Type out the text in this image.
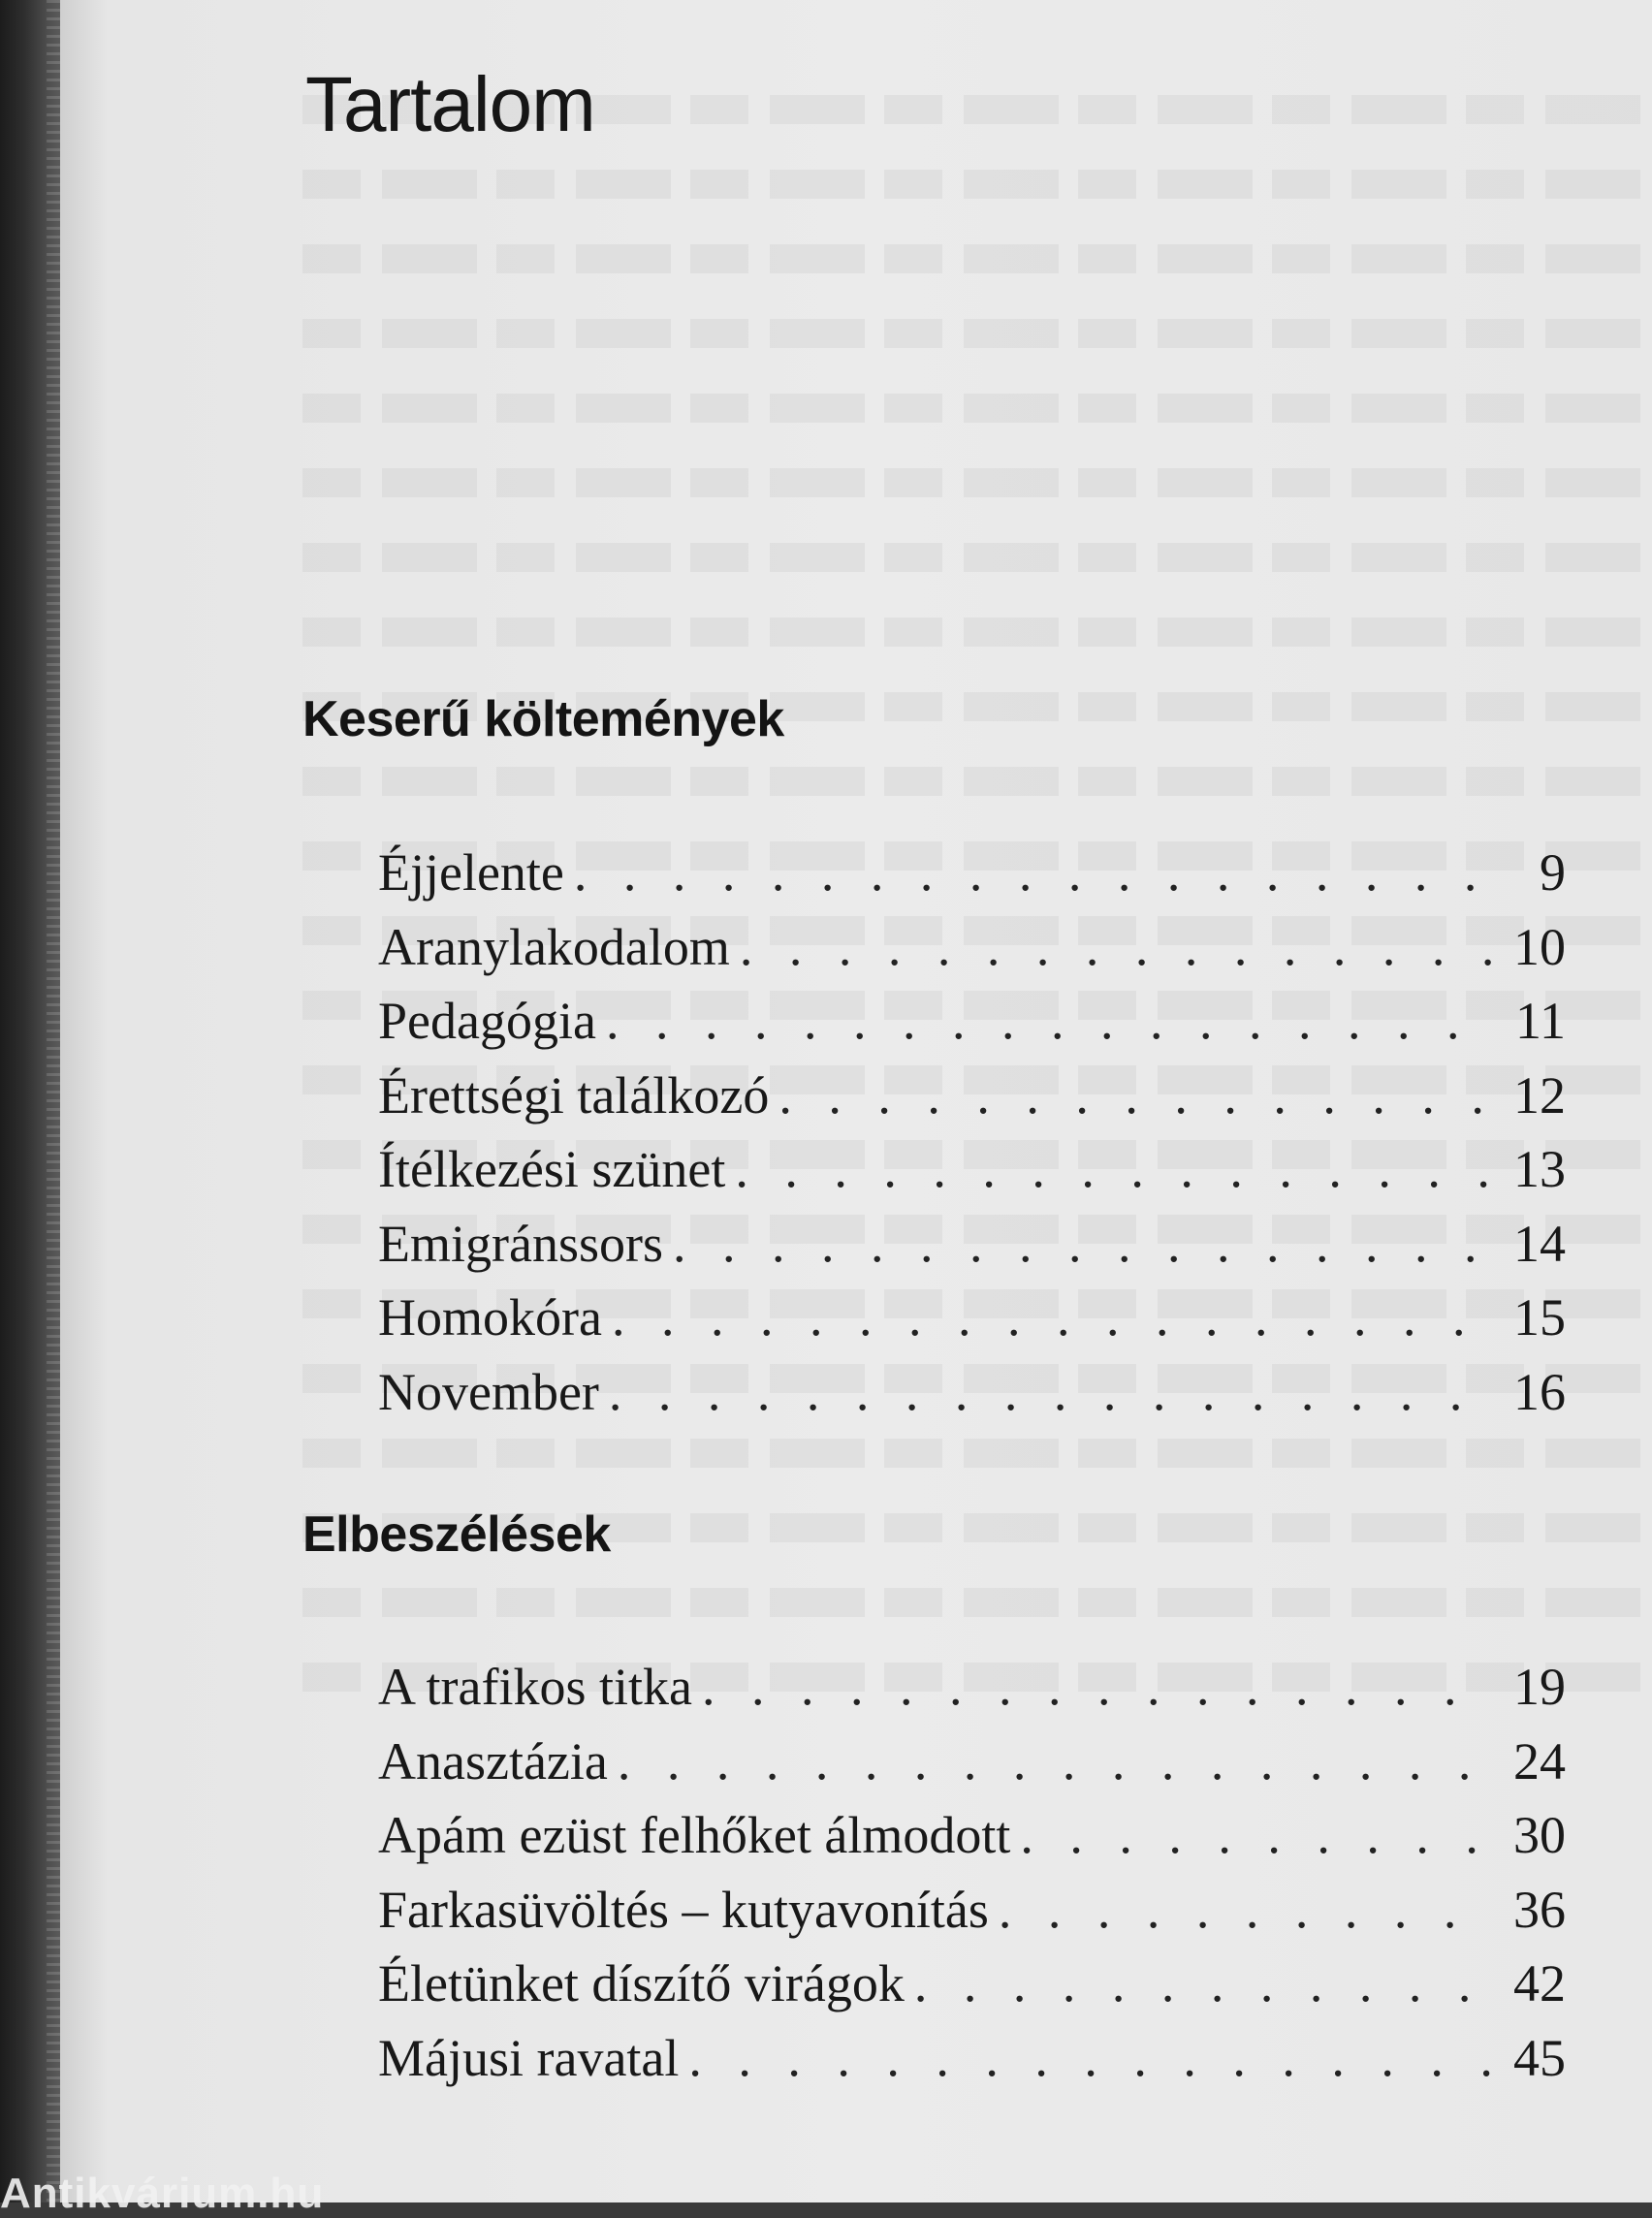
Tartalom
Keserű költemények
Éjjelente . . .	9
Aranylakodalom . . .	10
Pedagógia . . .	11
Érettségi találkozó . . .	12
Ítélkezési szünet . . .	13
Emigránssors . . .	14
Homokóra . . .	15
November . . .	16
Elbeszélések
A trafikos titka . . .	19
Anasztázia . . .	24
Apám ezüst felhőket álmodott . . .	30
Farkasüvöltés – kutyavonítás . . .	36
Életünket díszítő virágok . . .	42
Májusi ravatal . . .	45
Antikvárium.hu
